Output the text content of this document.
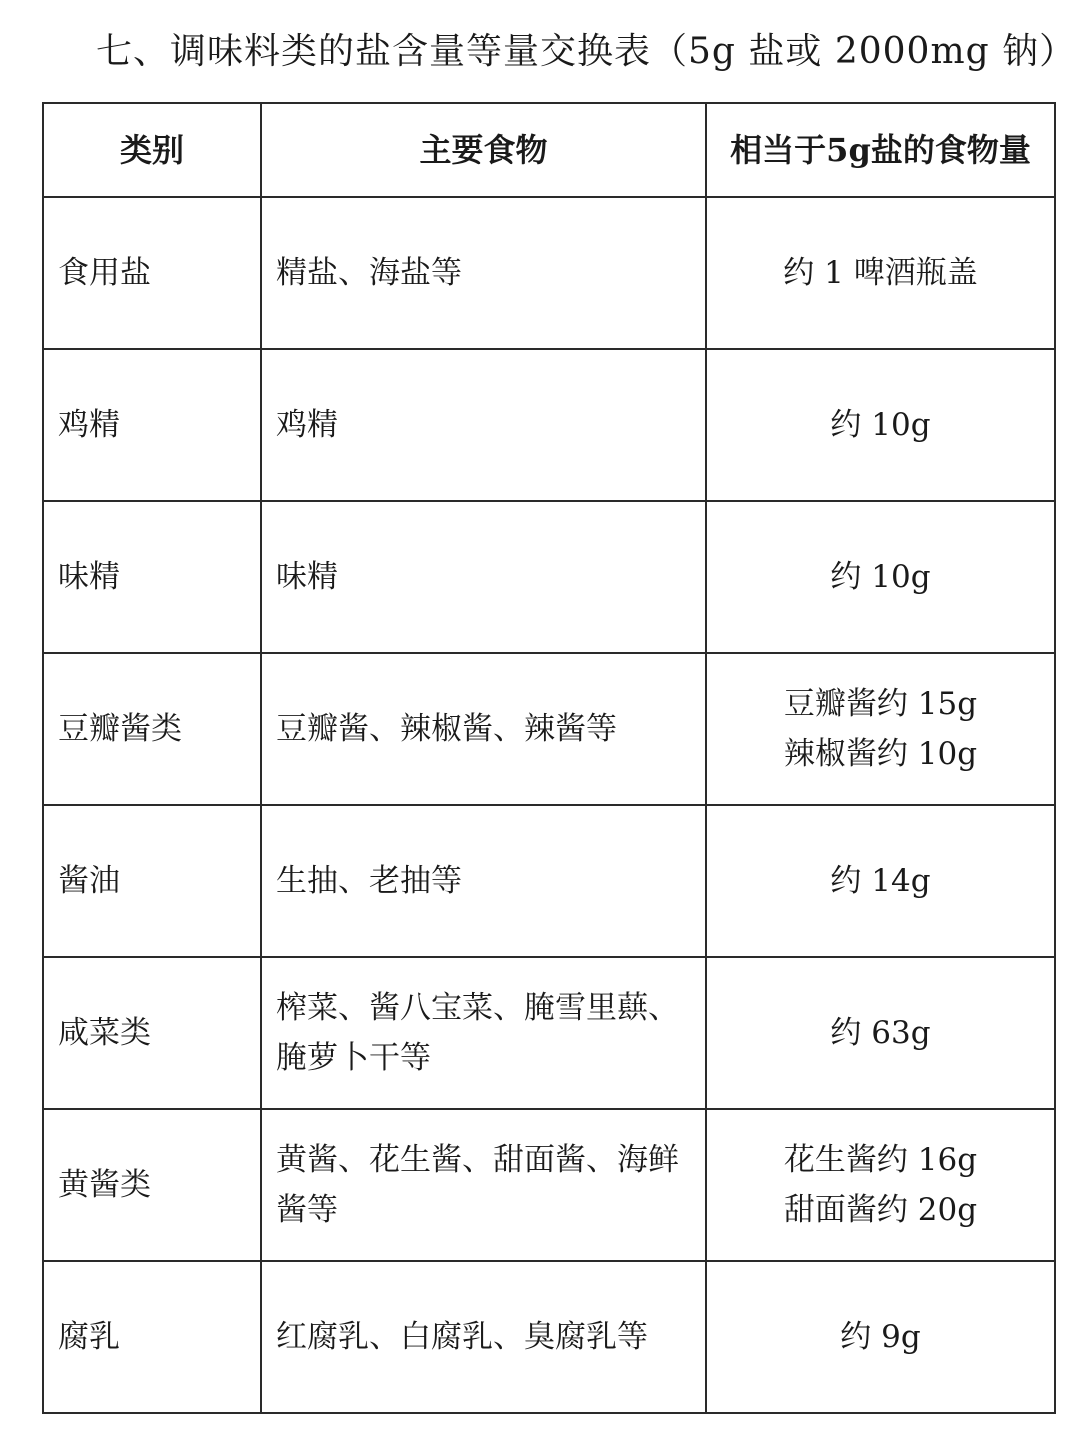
七、调味料类的盐含量等量交换表（5g 盐或 2000mg 钠）
类别	主要食物	相当于5g盐的食物量
食用盐	精盐、海盐等	约 1 啤酒瓶盖

鸡精	鸡精	约 10g

味精	味精	约 10g

豆瓣酱类	豆瓣酱、辣椒酱、辣酱等	豆瓣酱约 15g
辣椒酱约 10g

酱油	生抽、老抽等	约 14g

咸菜类	榨菜、酱八宝菜、腌雪里蕻、腌萝卜干等	约 63g

黄酱类	黄酱、花生酱、甜面酱、海鲜酱等	花生酱约 16g
甜面酱约 20g

腐乳	红腐乳、白腐乳、臭腐乳等	约 9g
